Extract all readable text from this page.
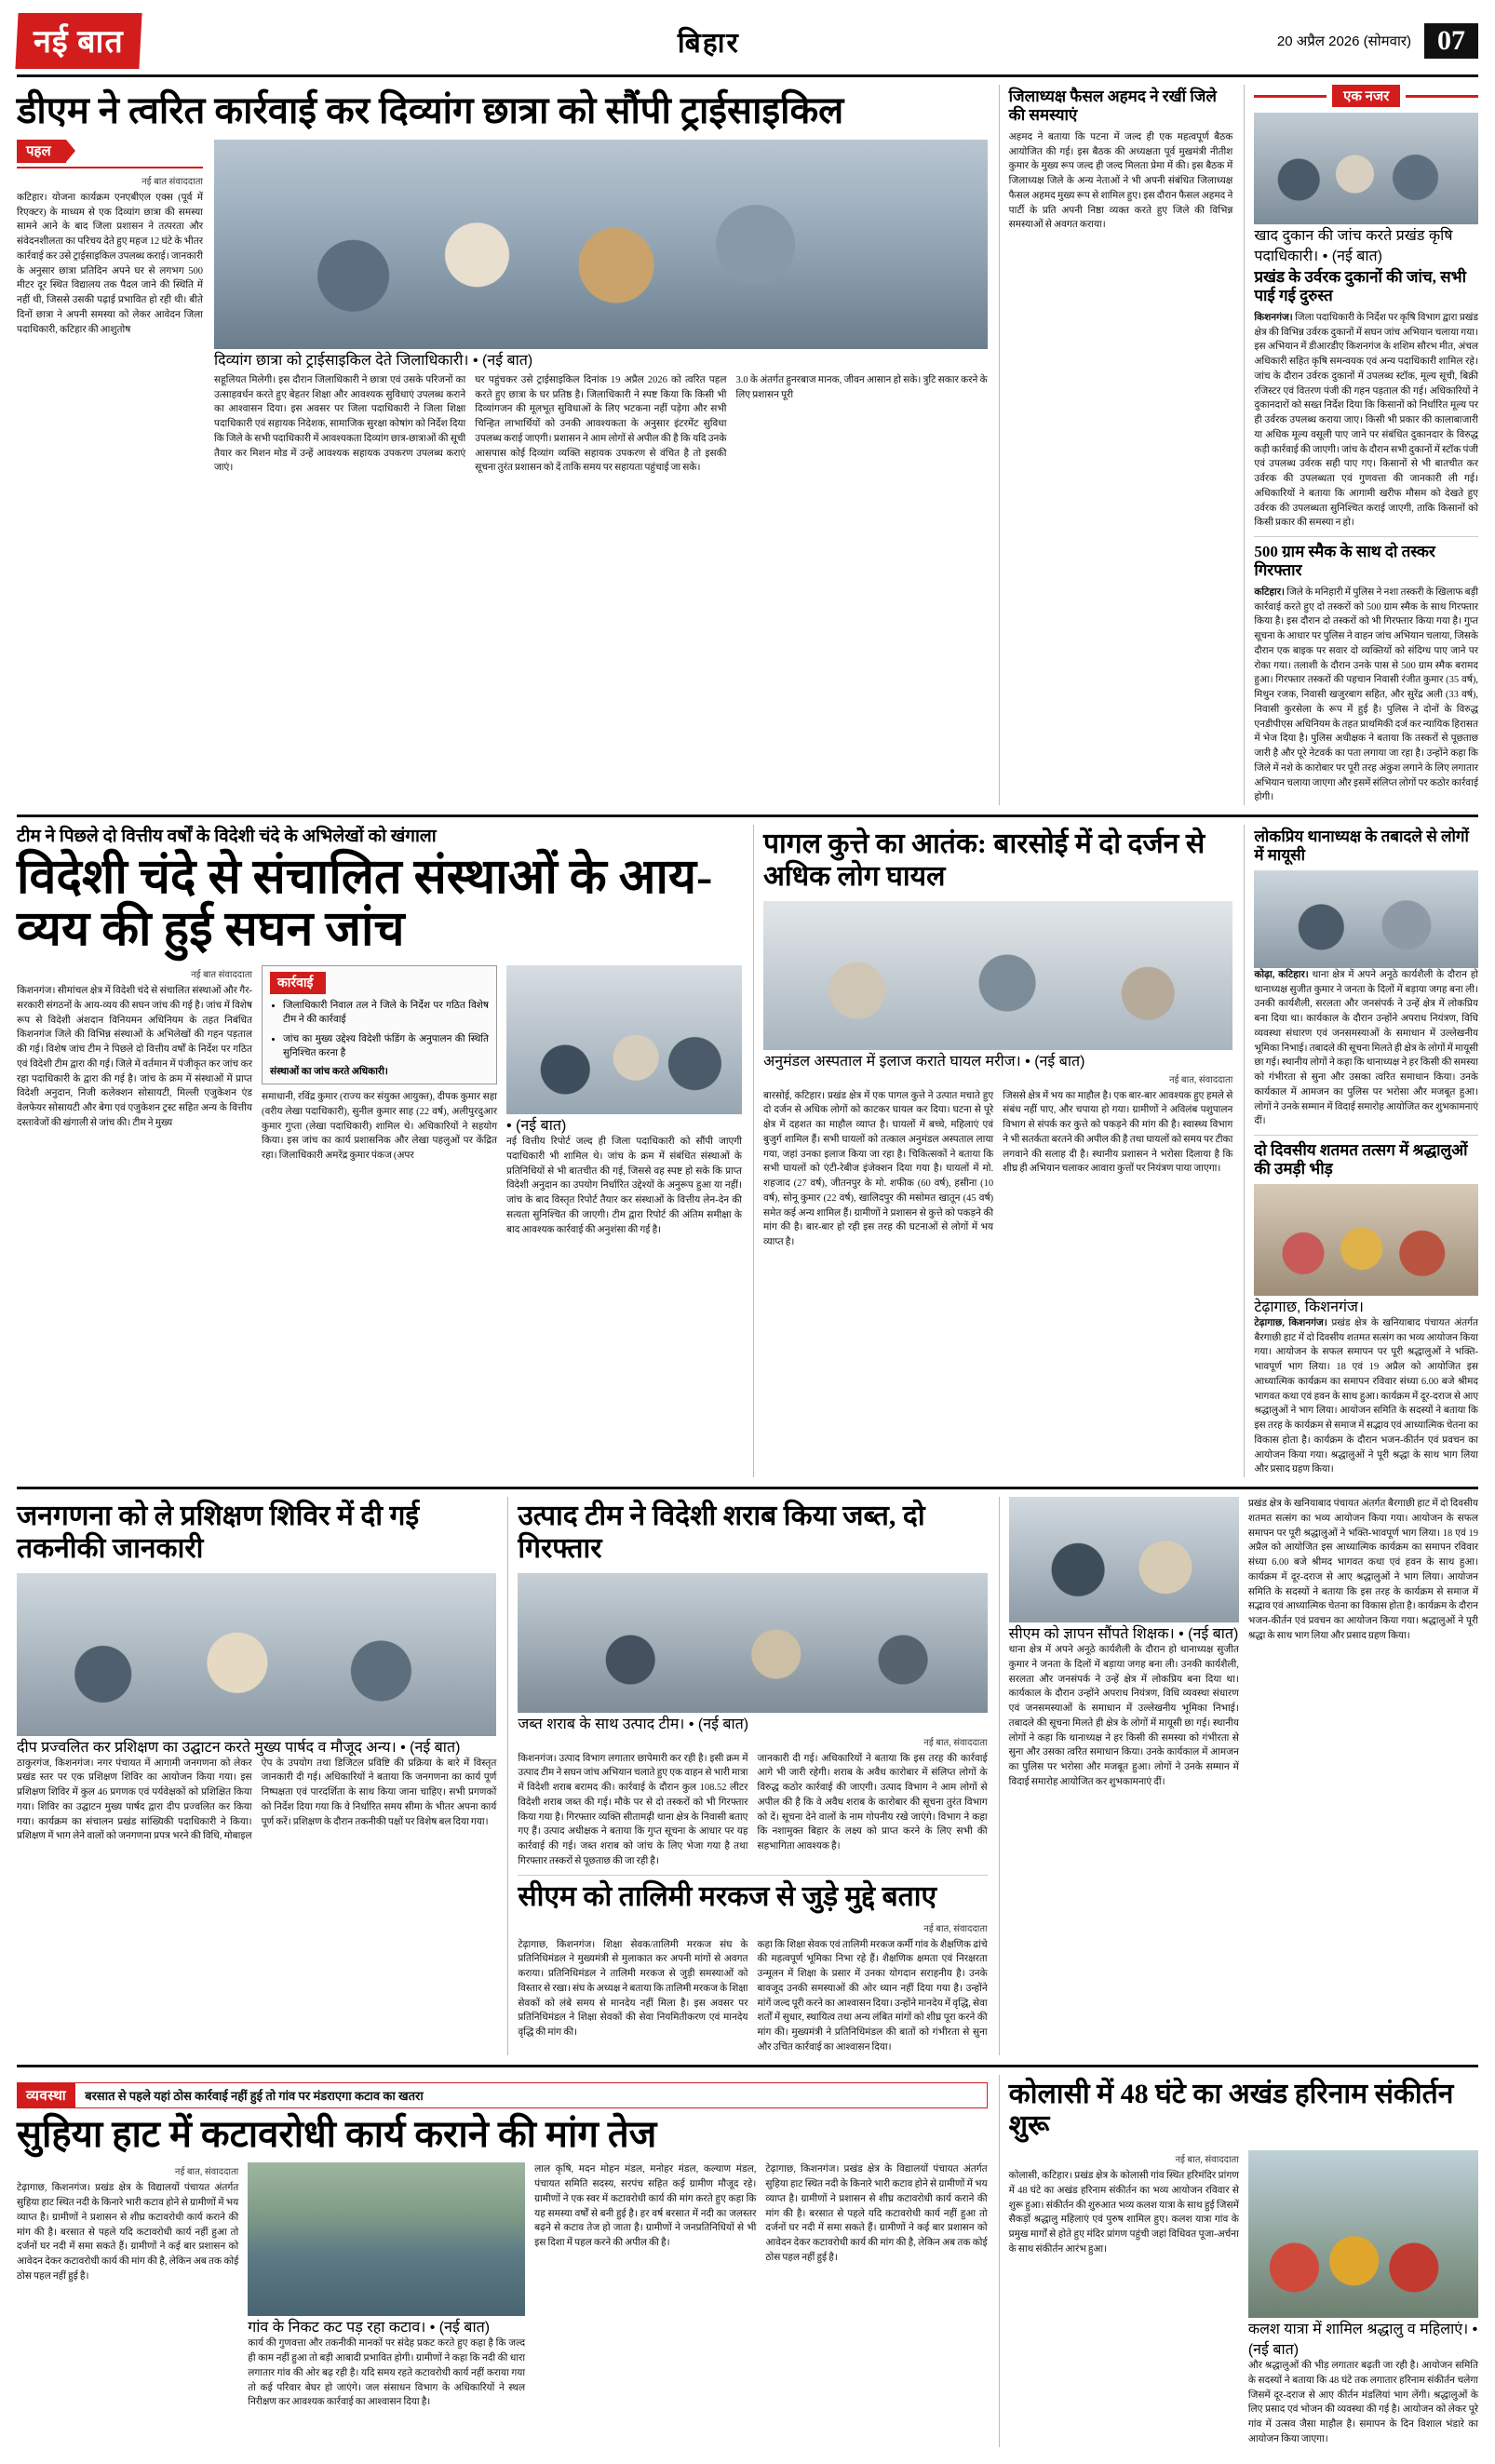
नई बात	बिहार	20 अप्रैल 2026 (सोमवार) 07
डीएम ने त्वरित कार्रवाई कर दिव्यांग छात्रा को सौंपी ट्राईसाइकिल
पहल
नई बात संवाददाता
कटिहार। योजना कार्यक्रम एनएबीएल एक्स (पूर्व में रिएक्टर) के माध्यम से एक दिव्यांग छात्रा की समस्या सामने आने के बाद जिला प्रशासन ने तत्परता और संवेदनशीलता का परिचय देते हुए महज 12 घंटे के भीतर कार्रवाई कर उसे ट्राईसाइकिल उपलब्ध कराई। जानकारी के अनुसार छात्रा प्रतिदिन अपने घर से लगभग 500 मीटर दूर स्थित विद्यालय तक पैदल जाने की स्थिति में नहीं थी, जिससे उसकी पढ़ाई प्रभावित हो रही थी। बीते दिनों छात्रा ने अपनी समस्या को लेकर आवेदन जिला पदाधिकारी, कटिहार की आशुतोष
दिव्यांग छात्रा को ट्राईसाइकिल देते जिलाधिकारी। • (नई बात)
सहूलियत मिलेगी। इस दौरान जिलाधिकारी ने छात्रा एवं उसके परिजनों का उत्साहवर्धन करते हुए बेहतर शिक्षा और आवश्यक सुविधाएं उपलब्ध कराने का आश्वासन दिया। इस अवसर पर जिला पदाधिकारी ने जिला शिक्षा पदाधिकारी एवं सहायक निदेशक, सामाजिक सुरक्षा कोषांग को निर्देश दिया कि जिले के सभी पदाधिकारी में आवश्यकता दिव्यांग छात्र-छात्राओं की सूची तैयार कर मिशन मोड में उन्हें आवश्यक सहायक उपकरण उपलब्ध कराएं जाएं।
घर पहुंचकर उसे ट्राईसाइकिल दिनांक 19 अप्रैल 2026 को त्वरित पहल करते हुए छात्रा के घर प्रतिष्ठ है। जिलाधिकारी ने स्पष्ट किया कि किसी भी दिव्यांगजन की मूलभूत सुविधाओं के लिए भटकना नहीं पड़ेगा और सभी चिन्हित लाभार्थियों को उनकी आवश्यकता के अनुसार इंटरमेंट सुविधा उपलब्ध कराई जाएगी। प्रशासन ने आम लोगों से अपील की है कि यदि उनके आसपास कोई दिव्यांग व्यक्ति सहायक उपकरण से वंचित है तो इसकी सूचना तुरंत प्रशासन को दें ताकि समय पर सहायता पहुंचाई जा सके।
3.0 के अंतर्गत हुनरबाज मानक, जीवन आसान हो सके। त्रुटि सकार करने के लिए प्रशासन पूरी
जिलाध्यक्ष फैसल अहमद ने रखीं जिले की समस्याएं
अहमद ने बताया कि पटना में जल्द ही एक महत्वपूर्ण बैठक आयोजित की गई। इस बैठक की अध्यक्षता पूर्व मुखमंत्री नीतीश कुमार के मुख्य रूप जल्द ही जल्द मिलता प्रेमा में की। इस बैठक में जिलाध्यक्ष जिले के अन्य नेताओं ने भी अपनी संबंधित जिलाध्यक्ष फैसल अहमद मुख्य रूप से शामिल हुए। इस दौरान फैसल अहमद ने पार्टी के प्रति अपनी निष्ठा व्यक्त करते हुए जिले की विभिन्न समस्याओं से अवगत कराया।
एक नजर
खाद दुकान की जांच करते प्रखंड कृषि पदाधिकारी। • (नई बात)
प्रखंड के उर्वरक दुकानों की जांच, सभी पाई गई दुरुस्त
किशनगंज। जिला पदाधिकारी के निर्देश पर कृषि विभाग द्वारा प्रखंड क्षेत्र की विभिन्न उर्वरक दुकानों में सघन जांच अभियान चलाया गया। इस अभियान में डीआरडीए किशनगंज के शशिम सौरभ मीत, अंचल अधिकारी सहित कृषि समन्वयक एवं अन्य पदाधिकारी शामिल रहे। जांच के दौरान उर्वरक दुकानों में उपलब्ध स्टॉक, मूल्य सूची, बिक्री रजिस्टर एवं वितरण पंजी की गहन पड़ताल की गई। अधिकारियों ने दुकानदारों को सख्त निर्देश दिया कि किसानों को निर्धारित मूल्य पर ही उर्वरक उपलब्ध कराया जाए। किसी भी प्रकार की कालाबाजारी या अधिक मूल्य वसूली पाए जाने पर संबंधित दुकानदार के विरुद्ध कड़ी कार्रवाई की जाएगी। जांच के दौरान सभी दुकानों में स्टॉक पंजी एवं उपलब्ध उर्वरक सही पाए गए। किसानों से भी बातचीत कर उर्वरक की उपलब्धता एवं गुणवत्ता की जानकारी ली गई। अधिकारियों ने बताया कि आगामी खरीफ मौसम को देखते हुए उर्वरक की उपलब्धता सुनिश्चित कराई जाएगी, ताकि किसानों को किसी प्रकार की समस्या न हो।
500 ग्राम स्मैक के साथ दो तस्कर गिरफ्तार
कटिहार। जिले के मनिहारी में पुलिस ने नशा तस्करी के खिलाफ बड़ी कार्रवाई करते हुए दो तस्करों को 500 ग्राम स्मैक के साथ गिरफ्तार किया है। इस दौरान दो तस्करों को भी गिरफ्तार किया गया है। गुप्त सूचना के आधार पर पुलिस ने वाहन जांच अभियान चलाया, जिसके दौरान एक बाइक पर सवार दो व्यक्तियों को संदिग्ध पाए जाने पर रोका गया। तलाशी के दौरान उनके पास से 500 ग्राम स्मैक बरामद हुआ। गिरफ्तार तस्करों की पहचान निवासी रंजीत कुमार (35 वर्ष), मिथुन रजक, निवासी खजुरबाग सहित, और सुरेंद्र अली (33 वर्ष), निवासी कुरसेला के रूप में हुई है। पुलिस ने दोनों के विरुद्ध एनडीपीएस अधिनियम के तहत प्राथमिकी दर्ज कर न्यायिक हिरासत में भेज दिया है। पुलिस अधीक्षक ने बताया कि तस्करों से पूछताछ जारी है और पूरे नेटवर्क का पता लगाया जा रहा है। उन्होंने कहा कि जिले में नशे के कारोबार पर पूरी तरह अंकुश लगाने के लिए लगातार अभियान चलाया जाएगा और इसमें संलिप्त लोगों पर कठोर कार्रवाई होगी।
टीम ने पिछले दो वित्तीय वर्षों के विदेशी चंदे के अभिलेखों को खंगाला
विदेशी चंदे से संचालित संस्थाओं के आय-व्यय की हुई सघन जांच
नई बात संवाददाता
किशनगंज। सीमांचल क्षेत्र में विदेशी चंदे से संचालित संस्थाओं और गैर-सरकारी संगठनों के आय-व्यय की सघन जांच की गई है। जांच में विशेष रूप से विदेशी अंशदान विनियमन अधिनियम के तहत निबंधित किशनगंज जिले की विभिन्न संस्थाओं के अभिलेखों की गहन पड़ताल की गई। विशेष जांच टीम ने पिछले दो वित्तीय वर्षों के निर्देश पर गठित एवं विदेशी टीम द्वारा की गई। जिले में वर्तमान में पंजीकृत कर जांच कर रहा पदाधिकारी के द्वारा की गई है। जांच के क्रम में संस्थाओं में प्राप्त विदेशी अनुदान, निजी कलेक्शन सोसायटी, मिल्ली एजुकेशन एंड वेलफेयर सोसायटी और बेगा एवं एजुकेशन ट्रस्ट सहित अन्य के वित्तीय दस्तावेजों की खंगाली से जांच की। टीम ने मुख्य
कार्रवाई
• जिलाधिकारी निवाल तल ने जिले के निर्देश पर गठित विशेष टीम ने की कार्रवाई
• जांच का मुख्य उद्देश्य विदेशी फंडिंग के अनुपालन की स्थिति सुनिश्चित करना है
संस्थाओं का जांच करते अधिकारी।
समाधानी, रविंद्र कुमार (राज्य कर संयुक्त आयुक्त), दीपक कुमार सहा (वरीय लेखा पदाधिकारी), सुनील कुमार साह (22 वर्ष), अलीपुरदुआर कुमार गुप्ता (लेखा पदाधिकारी) शामिल थे। अधिकारियों ने सहयोग किया। इस जांच का कार्य प्रशासनिक और लेखा पहलुओं पर केंद्रित रहा। जिलाधिकारी अमरेंद्र कुमार पंकज (अपर
• (नई बात)
नई वित्तीय रिपोर्ट जल्द ही जिला पदाधिकारी को सौंपी जाएगी पदाधिकारी भी शामिल थे। जांच के क्रम में संबंधित संस्थाओं के प्रतिनिधियों से भी बातचीत की गई, जिससे वह स्पष्ट हो सके कि प्राप्त विदेशी अनुदान का उपयोग निर्धारित उद्देश्यों के अनुरूप हुआ या नहीं। जांच के बाद विस्तृत रिपोर्ट तैयार कर संस्थाओं के वित्तीय लेन-देन की सत्यता सुनिश्चित की जाएगी। टीम द्वारा रिपोर्ट की अंतिम समीक्षा के बाद आवश्यक कार्रवाई की अनुशंसा की गई है।
पागल कुत्ते का आतंक: बारसोई में दो दर्जन से अधिक लोग घायल
अनुमंडल अस्पताल में इलाज कराते घायल मरीज। • (नई बात)
नई बात, संवाददाता
बारसोई, कटिहार। प्रखंड क्षेत्र में एक पागल कुत्ते ने उत्पात मचाते हुए दो दर्जन से अधिक लोगों को काटकर घायल कर दिया। घटना से पूरे क्षेत्र में दहशत का माहौल व्याप्त है। घायलों में बच्चे, महिलाएं एवं बुजुर्ग शामिल हैं। सभी घायलों को तत्काल अनुमंडल अस्पताल लाया गया, जहां उनका इलाज किया जा रहा है। चिकित्सकों ने बताया कि सभी घायलों को एंटी-रेबीज इंजेक्शन दिया गया है। घायलों में मो. शहजाद (27 वर्ष), जीतनपुर के मो. शफीक (60 वर्ष), हसीना (10 वर्ष), सोनू कुमार (22 वर्ष), खालिदपुर की मसोमत खातून (45 वर्ष) समेत कई अन्य शामिल हैं। ग्रामीणों ने प्रशासन से कुत्ते को पकड़ने की मांग की है। बार-बार हो रही इस तरह की घटनाओं से लोगों में भय व्याप्त है।
जिससे क्षेत्र में भय का माहौल है। एक बार-बार आवश्यक हुए हमले से संबंध नहीं पाए, और चपाया हो गया। ग्रामीणों ने अविलंब पशुपालन विभाग से संपर्क कर कुत्ते को पकड़ने की मांग की है। स्वास्थ्य विभाग ने भी सतर्कता बरतने की अपील की है तथा घायलों को समय पर टीका लगवाने की सलाह दी है। स्थानीय प्रशासन ने भरोसा दिलाया है कि शीघ्र ही अभियान चलाकर आवारा कुत्तों पर नियंत्रण पाया जाएगा।
लोकप्रिय थानाध्यक्ष के तबादले से लोगों में मायूसी
कोढ़ा, कटिहार। थाना क्षेत्र में अपने अनूठे कार्यशैली के दौरान हो थानाध्यक्ष सुजीत कुमार ने जनता के दिलों में बड़ाया जगह बना ली। उनकी कार्यशैली, सरलता और जनसंपर्क ने उन्हें क्षेत्र में लोकप्रिय बना दिया था। कार्यकाल के दौरान उन्होंने अपराध नियंत्रण, विधि व्यवस्था संधारण एवं जनसमस्याओं के समाधान में उल्लेखनीय भूमिका निभाई। तबादले की सूचना मिलते ही क्षेत्र के लोगों में मायूसी छा गई। स्थानीय लोगों ने कहा कि थानाध्यक्ष ने हर किसी की समस्या को गंभीरता से सुना और उसका त्वरित समाधान किया। उनके कार्यकाल में आमजन का पुलिस पर भरोसा और मजबूत हुआ। लोगों ने उनके सम्मान में विदाई समारोह आयोजित कर शुभकामनाएं दीं।
दो दिवसीय शतमत तत्सग में श्रद्धालुओं की उमड़ी भीड़
टेढ़ागाछ, किशनगंज।
टेढ़ागाछ, किशनगंज। प्रखंड क्षेत्र के खनियाबाद पंचायत अंतर्गत बैरगाछी हाट में दो दिवसीय शतमत सत्संग का भव्य आयोजन किया गया। आयोजन के सफल समापन पर पूरी श्रद्धालुओं ने भक्ति-भावपूर्ण भाग लिया। 18 एवं 19 अप्रैल को आयोजित इस आध्यात्मिक कार्यक्रम का समापन रविवार संध्या 6.00 बजे श्रीमद भागवत कथा एवं हवन के साथ हुआ। कार्यक्रम में दूर-दराज से आए श्रद्धालुओं ने भाग लिया। आयोजन समिति के सदस्यों ने बताया कि इस तरह के कार्यक्रम से समाज में सद्भाव एवं आध्यात्मिक चेतना का विकास होता है। कार्यक्रम के दौरान भजन-कीर्तन एवं प्रवचन का आयोजन किया गया। श्रद्धालुओं ने पूरी श्रद्धा के साथ भाग लिया और प्रसाद ग्रहण किया।
जनगणना को ले प्रशिक्षण शिविर में दी गई तकनीकी जानकारी
दीप प्रज्वलित कर प्रशिक्षण का उद्घाटन करते मुख्य पार्षद व मौजूद अन्य। • (नई बात)
ठाकुरगंज, किशनगंज। नगर पंचायत में आगामी जनगणना को लेकर प्रखंड स्तर पर एक प्रशिक्षण शिविर का आयोजन किया गया। इस प्रशिक्षण शिविर में कुल 46 प्रगणक एवं पर्यवेक्षकों को प्रशिक्षित किया गया। शिविर का उद्घाटन मुख्य पार्षद द्वारा दीप प्रज्वलित कर किया गया। कार्यक्रम का संचालन प्रखंड सांख्यिकी पदाधिकारी ने किया। प्रशिक्षण में भाग लेने वालों को जनगणना प्रपत्र भरने की विधि, मोबाइल ऐप के उपयोग तथा डिजिटल प्रविष्टि की प्रक्रिया के बारे में विस्तृत जानकारी दी गई। अधिकारियों ने बताया कि जनगणना का कार्य पूर्ण निष्पक्षता एवं पारदर्शिता के साथ किया जाना चाहिए। सभी प्रगणकों को निर्देश दिया गया कि वे निर्धारित समय सीमा के भीतर अपना कार्य पूर्ण करें। प्रशिक्षण के दौरान तकनीकी पक्षों पर विशेष बल दिया गया।
उत्पाद टीम ने विदेशी शराब किया जब्त, दो गिरफ्तार
जब्त शराब के साथ उत्पाद टीम। • (नई बात)
नई बात, संवाददाता
किशनगंज। उत्पाद विभाग लगातार छापेमारी कर रही है। इसी क्रम में उत्पाद टीम ने सघन जांच अभियान चलाते हुए एक वाहन से भारी मात्रा में विदेशी शराब बरामद की। कार्रवाई के दौरान कुल 108.52 लीटर विदेशी शराब जब्त की गई। मौके पर से दो तस्करों को भी गिरफ्तार किया गया है। गिरफ्तार व्यक्ति सीतामढ़ी थाना क्षेत्र के निवासी बताए गए हैं। उत्पाद अधीक्षक ने बताया कि गुप्त सूचना के आधार पर यह कार्रवाई की गई। जब्त शराब को जांच के लिए भेजा गया है तथा गिरफ्तार तस्करों से पूछताछ की जा रही है।
जानकारी दी गई। अधिकारियों ने बताया कि इस तरह की कार्रवाई आगे भी जारी रहेगी। शराब के अवैध कारोबार में संलिप्त लोगों के विरुद्ध कठोर कार्रवाई की जाएगी। उत्पाद विभाग ने आम लोगों से अपील की है कि वे अवैध शराब के कारोबार की सूचना तुरंत विभाग को दें। सूचना देने वालों के नाम गोपनीय रखे जाएंगे। विभाग ने कहा कि नशामुक्त बिहार के लक्ष्य को प्राप्त करने के लिए सभी की सहभागिता आवश्यक है।
सीएम को तालिमी मरकज से जुड़े मुद्दे बताए
नई बात, संवाददाता
टेढ़ागाछ, किशनगंज। शिक्षा सेवक/तालिमी मरकज संघ के प्रतिनिधिमंडल ने मुख्यमंत्री से मुलाकात कर अपनी मांगों से अवगत कराया। प्रतिनिधिमंडल ने तालिमी मरकज से जुड़ी समस्याओं को विस्तार से रखा। संघ के अध्यक्ष ने बताया कि तालिमी मरकज के शिक्षा सेवकों को लंबे समय से मानदेय नहीं मिला है। इस अवसर पर प्रतिनिधिमंडल ने शिक्षा सेवकों की सेवा नियमितीकरण एवं मानदेय वृद्धि की मांग की।
कहा कि शिक्षा सेवक एवं तालिमी मरकज कर्मी गांव के शैक्षणिक ढांचे की महत्वपूर्ण भूमिका निभा रहे हैं। शैक्षणिक क्षमता एवं निरक्षरता उन्मूलन में शिक्षा के प्रसार में उनका योगदान सराहनीय है। उनके बावजूद उनकी समस्याओं की ओर ध्यान नहीं दिया गया है। उन्होंने मांगें जल्द पूरी करने का आश्वासन दिया। उन्होंने मानदेय में वृद्धि, सेवा शर्तों में सुधार, स्थायित्व तथा अन्य लंबित मांगों को शीघ्र पूरा करने की मांग की। मुख्यमंत्री ने प्रतिनिधिमंडल की बातों को गंभीरता से सुना और उचित कार्रवाई का आश्वासन दिया।
सीएम को ज्ञापन सौंपते शिक्षक। • (नई बात)
थाना क्षेत्र में अपने अनूठे कार्यशैली के दौरान हो थानाध्यक्ष सुजीत कुमार ने जनता के दिलों में बड़ाया जगह बना ली। उनकी कार्यशैली, सरलता और जनसंपर्क ने उन्हें क्षेत्र में लोकप्रिय बना दिया था। कार्यकाल के दौरान उन्होंने अपराध नियंत्रण, विधि व्यवस्था संधारण एवं जनसमस्याओं के समाधान में उल्लेखनीय भूमिका निभाई। तबादले की सूचना मिलते ही क्षेत्र के लोगों में मायूसी छा गई। स्थानीय लोगों ने कहा कि थानाध्यक्ष ने हर किसी की समस्या को गंभीरता से सुना और उसका त्वरित समाधान किया। उनके कार्यकाल में आमजन का पुलिस पर भरोसा और मजबूत हुआ। लोगों ने उनके सम्मान में विदाई समारोह आयोजित कर शुभकामनाएं दीं।
प्रखंड क्षेत्र के खनियाबाद पंचायत अंतर्गत बैरगाछी हाट में दो दिवसीय शतमत सत्संग का भव्य आयोजन किया गया। आयोजन के सफल समापन पर पूरी श्रद्धालुओं ने भक्ति-भावपूर्ण भाग लिया। 18 एवं 19 अप्रैल को आयोजित इस आध्यात्मिक कार्यक्रम का समापन रविवार संध्या 6.00 बजे श्रीमद भागवत कथा एवं हवन के साथ हुआ। कार्यक्रम में दूर-दराज से आए श्रद्धालुओं ने भाग लिया। आयोजन समिति के सदस्यों ने बताया कि इस तरह के कार्यक्रम से समाज में सद्भाव एवं आध्यात्मिक चेतना का विकास होता है। कार्यक्रम के दौरान भजन-कीर्तन एवं प्रवचन का आयोजन किया गया। श्रद्धालुओं ने पूरी श्रद्धा के साथ भाग लिया और प्रसाद ग्रहण किया।
व्यवस्था	बरसात से पहले यहां ठोस कार्रवाई नहीं हुई तो गांव पर मंडराएगा कटाव का खतरा
सुहिया हाट में कटावरोधी कार्य कराने की मांग तेज
नई बात, संवाददाता
टेढ़ागाछ, किशनगंज। प्रखंड क्षेत्र के विद्यालयों पंचायत अंतर्गत सुहिया हाट स्थित नदी के किनारे भारी कटाव होने से ग्रामीणों में भय व्याप्त है। ग्रामीणों ने प्रशासन से शीघ्र कटावरोधी कार्य कराने की मांग की है। बरसात से पहले यदि कटावरोधी कार्य नहीं हुआ तो दर्जनों घर नदी में समा सकते हैं। ग्रामीणों ने कई बार प्रशासन को आवेदन देकर कटावरोधी कार्य की मांग की है, लेकिन अब तक कोई ठोस पहल नहीं हुई है।
गांव के निकट कट पड़ रहा कटाव। • (नई बात)
कार्य की गुणवत्ता और तकनीकी मानकों पर संदेह प्रकट करते हुए कहा है कि जल्द ही काम नहीं हुआ तो बड़ी आबादी प्रभावित होगी। ग्रामीणों ने कहा कि नदी की धारा लगातार गांव की ओर बढ़ रही है। यदि समय रहते कटावरोधी कार्य नहीं कराया गया तो कई परिवार बेघर हो जाएंगे। जल संसाधन विभाग के अधिकारियों ने स्थल निरीक्षण कर आवश्यक कार्रवाई का आश्वासन दिया है।
लाल कृषि, मदन मोहन मंडल, मनोहर मंडल, कल्याण मंडल, पंचायत समिति सदस्य, सरपंच सहित कई ग्रामीण मौजूद रहे। ग्रामीणों ने एक स्वर में कटावरोधी कार्य की मांग करते हुए कहा कि यह समस्या वर्षों से बनी हुई है। हर वर्ष बरसात में नदी का जलस्तर बढ़ने से कटाव तेज हो जाता है। ग्रामीणों ने जनप्रतिनिधियों से भी इस दिशा में पहल करने की अपील की है।
टेढ़ागाछ, किशनगंज। प्रखंड क्षेत्र के विद्यालयों पंचायत अंतर्गत सुहिया हाट स्थित नदी के किनारे भारी कटाव होने से ग्रामीणों में भय व्याप्त है। ग्रामीणों ने प्रशासन से शीघ्र कटावरोधी कार्य कराने की मांग की है। बरसात से पहले यदि कटावरोधी कार्य नहीं हुआ तो दर्जनों घर नदी में समा सकते हैं। ग्रामीणों ने कई बार प्रशासन को आवेदन देकर कटावरोधी कार्य की मांग की है, लेकिन अब तक कोई ठोस पहल नहीं हुई है।
कोलासी में 48 घंटे का अखंड हरिनाम संकीर्तन शुरू
नई बात, संवाददाता
कोलासी, कटिहार। प्रखंड क्षेत्र के कोलासी गांव स्थित हरिमंदिर प्रांगण में 48 घंटे का अखंड हरिनाम संकीर्तन का भव्य आयोजन रविवार से शुरू हुआ। संकीर्तन की शुरुआत भव्य कलश यात्रा के साथ हुई जिसमें सैकड़ों श्रद्धालु महिलाएं एवं पुरुष शामिल हुए। कलश यात्रा गांव के प्रमुख मार्गों से होते हुए मंदिर प्रांगण पहुंची जहां विधिवत पूजा-अर्चना के साथ संकीर्तन आरंभ हुआ।
कलश यात्रा में शामिल श्रद्धालु व महिलाएं। • (नई बात)
और श्रद्धालुओं की भीड़ लगातार बढ़ती जा रही है। आयोजन समिति के सदस्यों ने बताया कि 48 घंटे तक लगातार हरिनाम संकीर्तन चलेगा जिसमें दूर-दराज से आए कीर्तन मंडलियां भाग लेंगी। श्रद्धालुओं के लिए प्रसाद एवं भोजन की व्यवस्था की गई है। आयोजन को लेकर पूरे गांव में उत्सव जैसा माहौल है। समापन के दिन विशाल भंडारे का आयोजन किया जाएगा।
